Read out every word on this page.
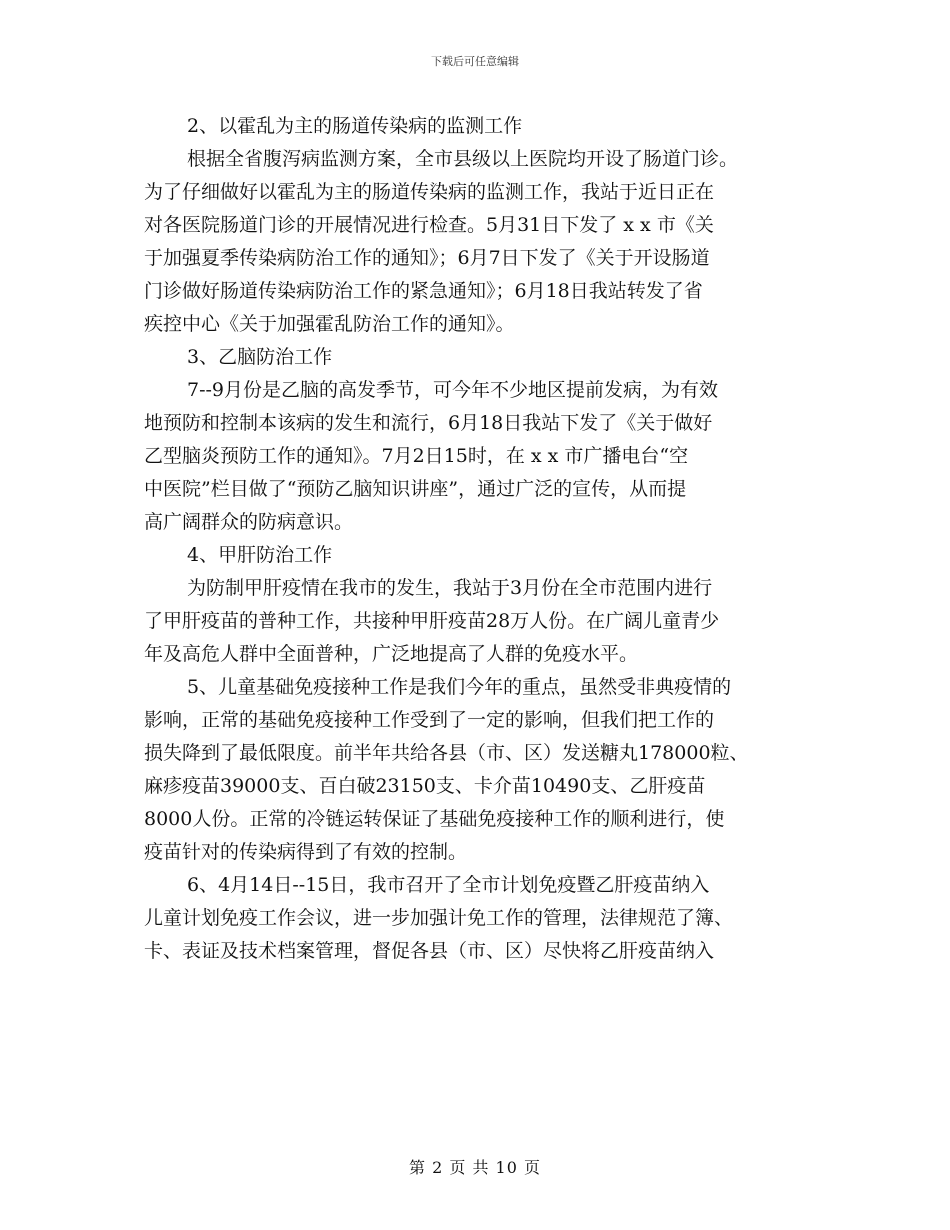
下载后可任意编辑
2、以霍乱为主的肠道传染病的监测工作
根据全省腹泻病监测方案，全市县级以上医院均开设了肠道门诊。
为了仔细做好以霍乱为主的肠道传染病的监测工作，我站于近日正在
对各医院肠道门诊的开展情况进行检查。5月31日下发了 x x 市《关
于加强夏季传染病防治工作的通知》；6月7日下发了《关于开设肠道
门诊做好肠道传染病防治工作的紧急通知》；6月18日我站转发了省
疾控中心《关于加强霍乱防治工作的通知》。
3、乙脑防治工作
7--9月份是乙脑的高发季节，可今年不少地区提前发病，为有效
地预防和控制本该病的发生和流行，6月18日我站下发了《关于做好
乙型脑炎预防工作的通知》。7月2日15时，在 x x 市广播电台“空
中医院”栏目做了“预防乙脑知识讲座”，通过广泛的宣传，从而提
高广阔群众的防病意识。
4、甲肝防治工作
为防制甲肝疫情在我市的发生，我站于3月份在全市范围内进行
了甲肝疫苗的普种工作，共接种甲肝疫苗28万人份。在广阔儿童青少
年及高危人群中全面普种，广泛地提高了人群的免疫水平。
5、儿童基础免疫接种工作是我们今年的重点，虽然受非典疫情的
影响，正常的基础免疫接种工作受到了一定的影响，但我们把工作的
损失降到了最低限度。前半年共给各县（市、区）发送糖丸178000粒、
麻疹疫苗39000支、百白破23150支、卡介苗10490支、乙肝疫苗
8000人份。正常的冷链运转保证了基础免疫接种工作的顺利进行，使
疫苗针对的传染病得到了有效的控制。
6、4月14日--15日，我市召开了全市计划免疫暨乙肝疫苗纳入
儿童计划免疫工作会议，进一步加强计免工作的管理，法律规范了簿、
卡、表证及技术档案管理，督促各县（市、区）尽快将乙肝疫苗纳入
第 2 页 共 10 页
